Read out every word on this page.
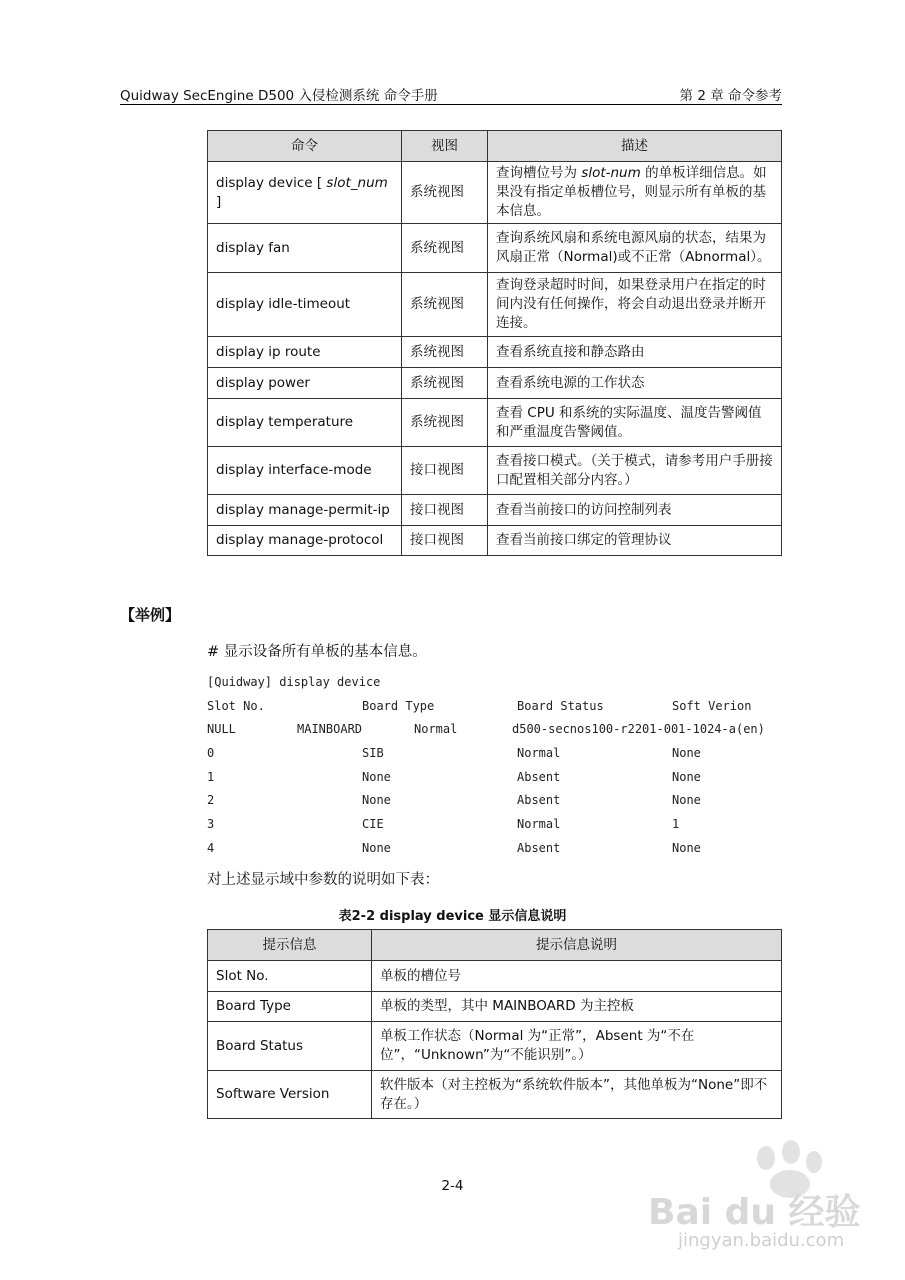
Quidway SecEngine D500 入侵检测系统 命令手册	第 2 章 命令参考
命令	视图	描述
display device [ slot_num ]	系统视图	查询槽位号为 slot-num 的单板详细信息。如果没有指定单板槽位号，则显示所有单板的基本信息。
display fan	系统视图	查询系统风扇和系统电源风扇的状态，结果为风扇正常（Normal)或不正常（Abnormal）。
display idle-timeout	系统视图	查询登录超时时间，如果登录用户在指定的时间内没有任何操作，将会自动退出登录并断开连接。
display ip route	系统视图	查看系统直接和静态路由
display power	系统视图	查看系统电源的工作状态
display temperature	系统视图	查看 CPU 和系统的实际温度、温度告警阈值和严重温度告警阈值。
display interface-mode	接口视图	查看接口模式。（关于模式，请参考用户手册接口配置相关部分内容。）
display manage-permit-ip	接口视图	查看当前接口的访问控制列表
display manage-protocol	接口视图	查看当前接口绑定的管理协议
【举例】
# 显示设备所有单板的基本信息。
[Quidway] display device
Slot No.	Board Type	Board Status	Soft Verion
NULL	MAINBOARD	Normal	d500-secnos100-r2201-001-1024-a(en)
0	SIB	Normal	None
1	None	Absent	None
2	None	Absent	None
3	CIE	Normal	1
4	None	Absent	None
对上述显示域中参数的说明如下表：
表2-2 display device 显示信息说明
提示信息	提示信息说明
Slot No.	单板的槽位号
Board Type	单板的类型，其中 MAINBOARD 为主控板
Board Status	单板工作状态（Normal 为“正常”，Absent 为“不在位”，“Unknown”为“不能识别”。）
Software Version	软件版本（对主控板为“系统软件版本”，其他单板为“None”即不存在。）
2-4
Bai du 经验
jingyan.baidu.com
